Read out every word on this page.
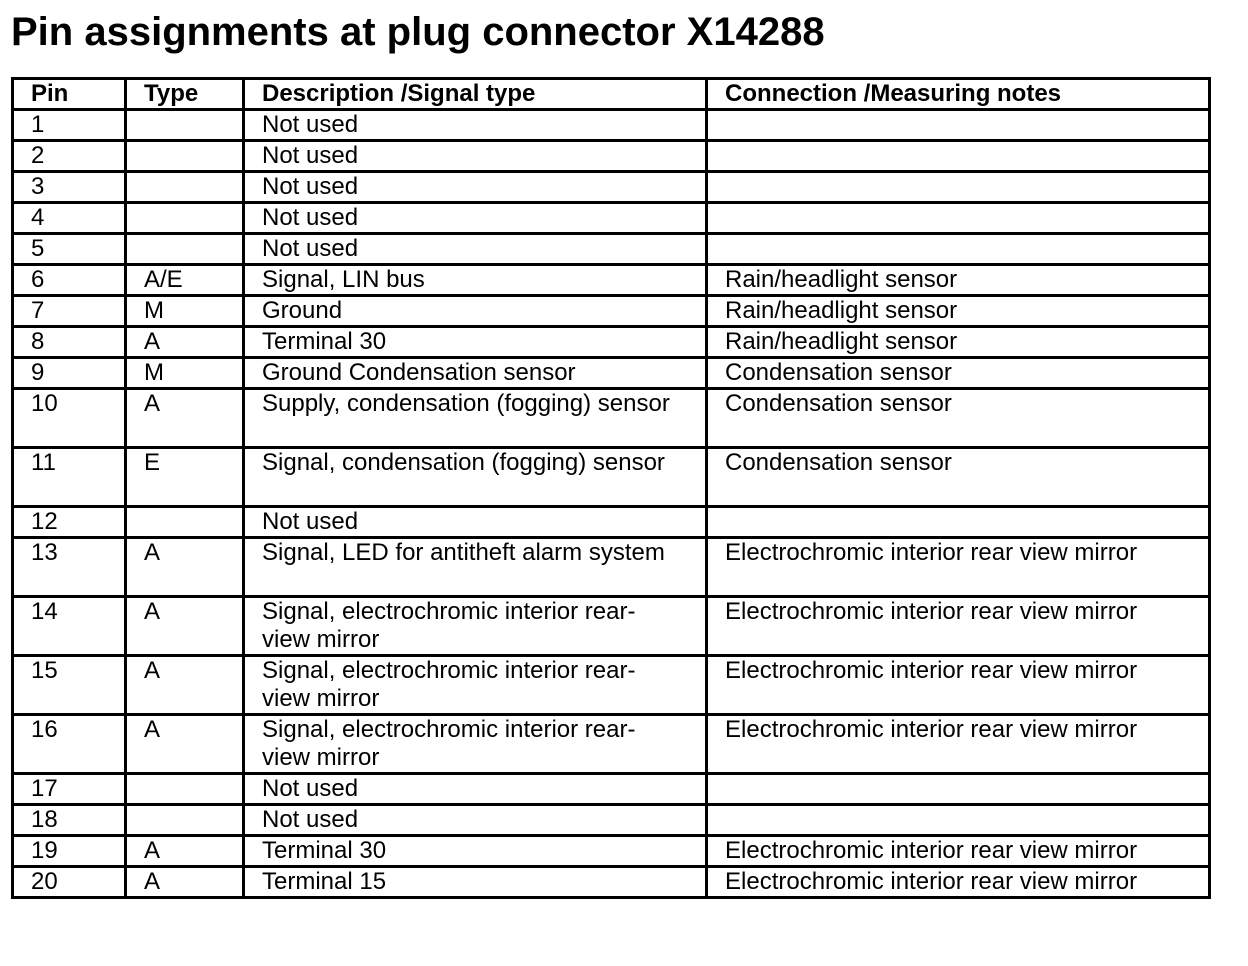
Pin assignments at plug connector X14288
Pin	Type	Description /Signal type	Connection /Measuring notes
1		Not used	
2		Not used	
3		Not used	
4		Not used	
5		Not used	
6	A/E	Signal, LIN bus	Rain/headlight sensor
7	M	Ground	Rain/headlight sensor
8	A	Terminal 30	Rain/headlight sensor
9	M	Ground Condensation sensor	Condensation sensor
10	A	Supply, condensation (fogging) sensor	Condensation sensor
11	E	Signal, condensation (fogging) sensor	Condensation sensor
12		Not used	
13	A	Signal, LED for antitheft alarm system	Electrochromic interior rear view mirror
14	A	Signal, electrochromic interior rear-view mirror	Electrochromic interior rear view mirror
15	A	Signal, electrochromic interior rear-view mirror	Electrochromic interior rear view mirror
16	A	Signal, electrochromic interior rear-view mirror	Electrochromic interior rear view mirror
17		Not used	
18		Not used	
19	A	Terminal 30	Electrochromic interior rear view mirror
20	A	Terminal 15	Electrochromic interior rear view mirror
